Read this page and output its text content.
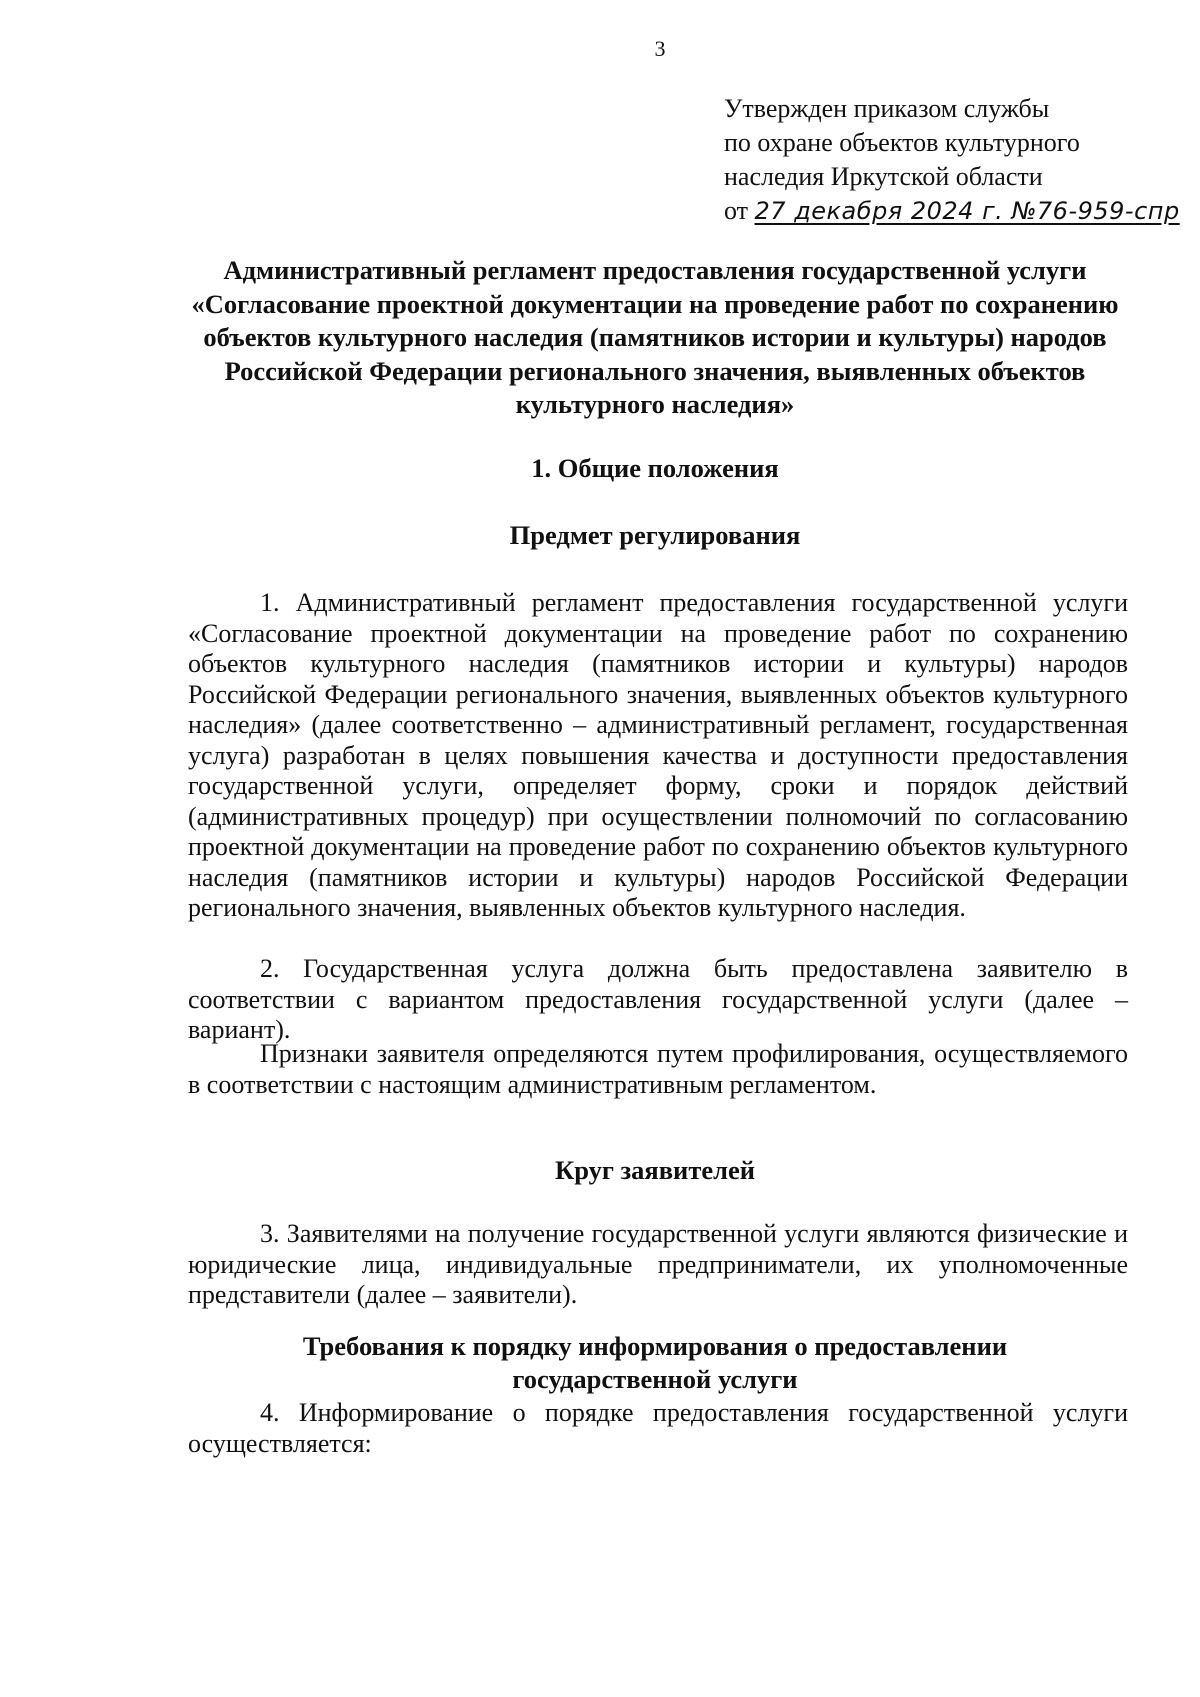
3
Утвержден приказом службы
по охране объектов культурного
наследия Иркутской области
от 27 декабря 2024 г. №76-959-спр
Административный регламент предоставления государственной услуги «Согласование проектной документации на проведение работ по сохранению объектов культурного наследия (памятников истории и культуры) народов Российской Федерации регионального значения, выявленных объектов культурного наследия»
1. Общие положения
Предмет регулирования
1. Административный регламент предоставления государственной услуги «Согласование проектной документации на проведение работ по сохранению объектов культурного наследия (памятников истории и культуры) народов Российской Федерации регионального значения, выявленных объектов культурного наследия» (далее соответственно – административный регламент, государственная услуга) разработан в целях повышения качества и доступности предоставления государственной услуги, определяет форму, сроки и порядок действий (административных процедур) при осуществлении полномочий по согласованию проектной документации на проведение работ по сохранению объектов культурного наследия (памятников истории и культуры) народов Российской Федерации регионального значения, выявленных объектов культурного наследия.
2. Государственная услуга должна быть предоставлена заявителю в соответствии с вариантом предоставления государственной услуги (далее – вариант).
Признаки заявителя определяются путем профилирования, осуществляемого в соответствии с настоящим административным регламентом.
Круг заявителей
3. Заявителями на получение государственной услуги являются физические и юридические лица, индивидуальные предприниматели, их уполномоченные представители (далее – заявители).
Требования к порядку информирования о предоставлении государственной услуги
4. Информирование о порядке предоставления государственной услуги осуществляется:
